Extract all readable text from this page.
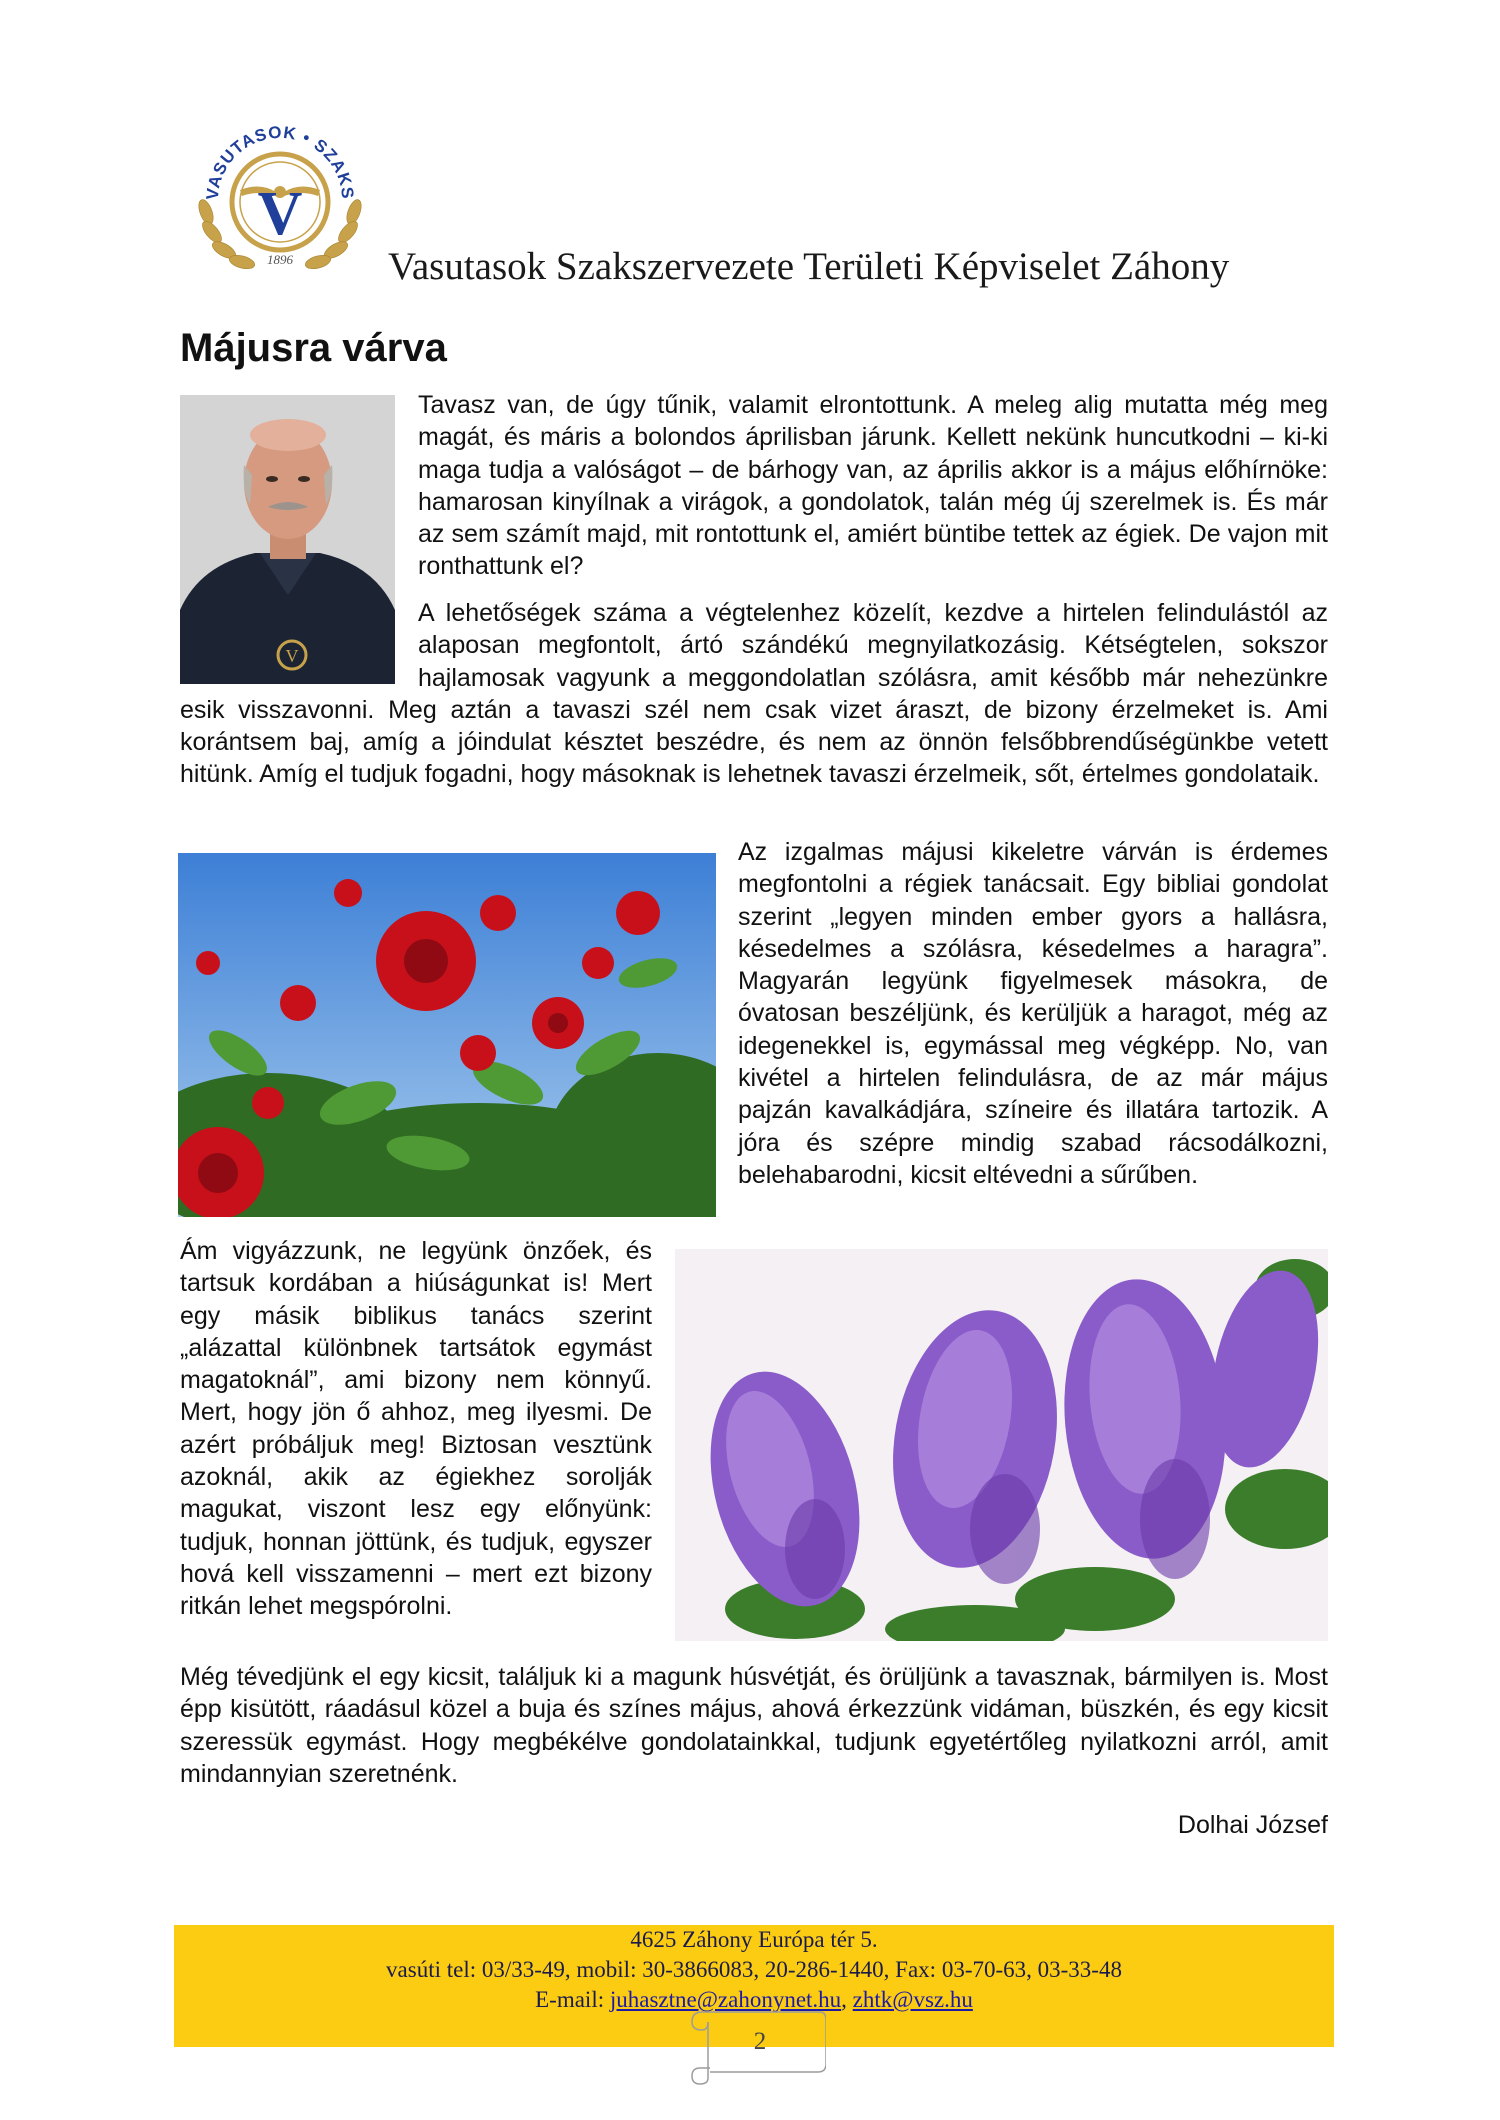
VASUTASOK • SZAKS
V
1896 Vasutasok Szakszervezete Területi Képviselet Záhony
Májusra várva
V

Tavasz van, de úgy tűnik, valamit elrontottunk. A meleg alig mutatta még meg magát, és máris a bolondos áprilisban járunk. Kellett nekünk huncutkodni – ki-ki maga tudja a valóságot – de bárhogy van, az április akkor is a május előhírnöke: hamarosan kinyílnak a virágok, a gondolatok, talán még új szerelmek is. És már az sem számít majd, mit rontottunk el, amiért büntibe tettek az égiek. De vajon mit ronthattunk el?

A lehetőségek száma a végtelenhez közelít, kezdve a hirtelen felindulástól az alaposan megfontolt, ártó szándékú megnyilatkozásig. Kétségtelen, sokszor hajlamosak vagyunk a meggondolatlan szólásra, amit később már nehezünkre esik visszavonni. Meg aztán a tavaszi szél nem csak vizet áraszt, de bizony érzelmeket is. Ami korántsem baj, amíg a jóindulat késztet beszédre, és nem az önnön felsőbbrendűségünkbe vetett hitünk. Amíg el tudjuk fogadni, hogy másoknak is lehetnek tavaszi érzelmeik, sőt, értelmes gondolataik.

Az izgalmas májusi kikeletre várván is érdemes megfontolni a régiek tanácsait. Egy bibliai gondolat szerint „legyen minden ember gyors a hallásra, késedelmes a szólásra, késedelmes a haragra”. Magyarán legyünk figyelmesek másokra, de óvatosan beszéljünk, és kerüljük a haragot, még az idegenekkel is, egymással meg végképp. No, van kivétel a hirtelen felindulásra, de az már május pajzán kavalkádjára, színeire és illatára tartozik. A jóra és szépre mindig szabad rácsodálkozni, belehabarodni, kicsit eltévedni a sűrűben.

Ám vigyázzunk, ne legyünk önzőek, és tartsuk kordában a hiúságunkat is! Mert egy másik biblikus tanács szerint „alázattal különbnek tartsátok egymást magatoknál”, ami bizony nem könnyű. Mert, hogy jön ő ahhoz, meg ilyesmi. De azért próbáljuk meg! Biztosan vesztünk azoknál, akik az égiekhez sorolják magukat, viszont lesz egy előnyünk: tudjuk, honnan jöttünk, és tudjuk, egyszer hová kell visszamenni – mert ezt bizony ritkán lehet megspórolni.

Még tévedjünk el egy kicsit, találjuk ki a magunk húsvétját, és örüljünk a tavasznak, bármilyen is. Most épp kisütött, ráadásul közel a buja és színes május, ahová érkezzünk vidáman, büszkén, és egy kicsit szeressük egymást. Hogy megbékélve gondolatainkkal, tudjunk egyetértőleg nyilatkozni arról, amit mindannyian szeretnénk.

Dolhai József
4625 Záhony Európa tér 5.
vasúti tel: 03/33-49, mobil: 30-3866083, 20-286-1440, Fax: 03-70-63, 03-33-48
E-mail: juhasztne@zahonynet.hu, zhtk@vsz.hu
2
